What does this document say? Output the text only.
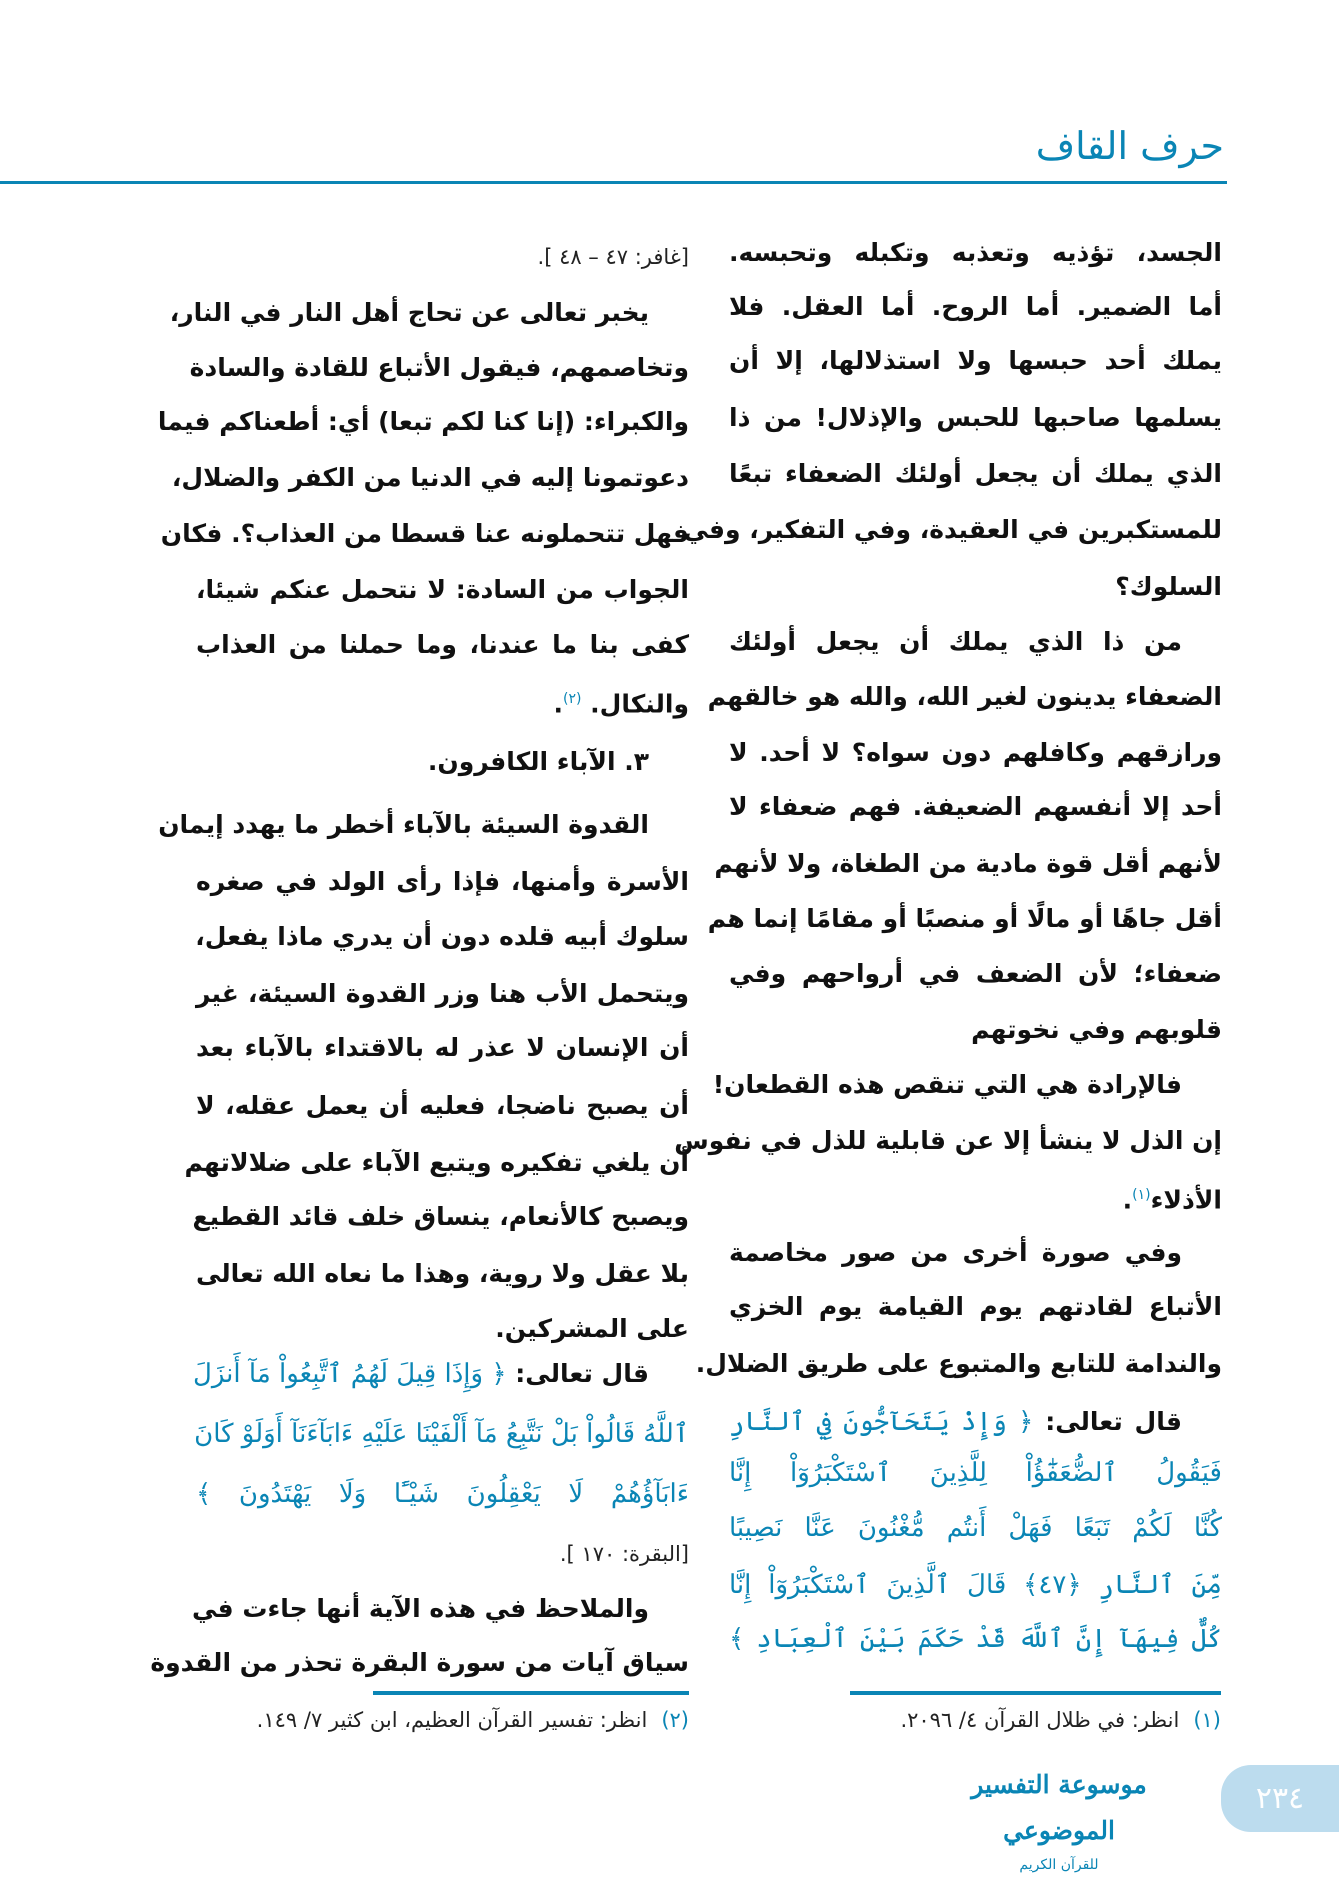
حرف القاف
الجسد، تؤذيه وتعذبه وتكبله وتحبسه.
أما الضمير. أما الروح. أما العقل. فلا
يملك أحد حبسها ولا استذلالها، إلا أن
يسلمها صاحبها للحبس والإذلال! من ذا
الذي يملك أن يجعل أولئك الضعفاء تبعًا
للمستكبرين في العقيدة، وفي التفكير، وفي
السلوك؟
من ذا الذي يملك أن يجعل أولئك
الضعفاء يدينون لغير الله، والله هو خالقهم
ورازقهم وكافلهم دون سواه؟ لا أحد. لا
أحد إلا أنفسهم الضعيفة. فهم ضعفاء لا
لأنهم أقل قوة مادية من الطغاة، ولا لأنهم
أقل جاهًا أو مالًا أو منصبًا أو مقامًا إنما هم
ضعفاء؛ لأن الضعف في أرواحهم وفي
قلوبهم وفي نخوتهم
فالإرادة هي التي تنقص هذه القطعان!
إن الذل لا ينشأ إلا عن قابلية للذل في نفوس
الأذلاء$^{(١)}$.
وفي صورة أخرى من صور مخاصمة
الأتباع لقادتهم يوم القيامة يوم الخزي
والندامة للتابع والمتبوع على طريق الضلال.
قال تعالى: ﴿ وَإِذْ يَتَحَآجُّونَ فِي ٱلنَّارِ
فَيَقُولُ ٱلضُّعَفَٰٓؤُاْ لِلَّذِينَ ٱسْتَكْبَرُوٓاْ إِنَّا
كُنَّا لَكُمْ تَبَعًا فَهَلْ أَنتُم مُّغْنُونَ عَنَّا نَصِيبًا
مِّنَ ٱلنَّارِ ﴿٤٧﴾ قَالَ ٱلَّذِينَ ٱسْتَكْبَرُوٓاْ إِنَّا
كُلٌّ فِيهَآ إِنَّ ٱللَّهَ قَدْ حَكَمَ بَيْنَ ٱلْعِبَادِ ﴾
[غافر: ٤٧ – ٤٨ ].
يخبر تعالى عن تحاج أهل النار في النار،
وتخاصمهم، فيقول الأتباع للقادة والسادة
والكبراء: (إنا كنا لكم تبعا) أي: أطعناكم فيما
دعوتمونا إليه في الدنيا من الكفر والضلال،
فهل تتحملونه عنا قسطا من العذاب؟. فكان
الجواب من السادة: لا نتحمل عنكم شيئا،
كفى بنا ما عندنا، وما حملنا من العذاب
والنكال. $^{(٢)}$.
٣. الآباء الكافرون.
القدوة السيئة بالآباء أخطر ما يهدد إيمان
الأسرة وأمنها، فإذا رأى الولد في صغره
سلوك أبيه قلده دون أن يدري ماذا يفعل،
ويتحمل الأب هنا وزر القدوة السيئة، غير
أن الإنسان لا عذر له بالاقتداء بالآباء بعد
أن يصبح ناضجا، فعليه أن يعمل عقله، لا
أن يلغي تفكيره ويتبع الآباء على ضلالاتهم
ويصبح كالأنعام، ينساق خلف قائد القطيع
بلا عقل ولا روية، وهذا ما نعاه الله تعالى
على المشركين.
قال تعالى: ﴿ وَإِذَا قِيلَ لَهُمُ ٱتَّبِعُواْ مَآ أَنزَلَ
ٱللَّهُ قَالُواْ بَلْ نَتَّبِعُ مَآ أَلْفَيْنَا عَلَيْهِ ءَابَآءَنَآ أَوَلَوْ كَانَ
ءَابَآؤُهُمْ لَا يَعْقِلُونَ شَيْـًٔا وَلَا يَهْتَدُونَ ﴾
[البقرة: ١٧٠ ].
والملاحظ في هذه الآية أنها جاءت في
سياق آيات من سورة البقرة تحذر من القدوة
(١)انظر: في ظلال القرآن ٤/ ٢٠٩٦.
(٢)انظر: تفسير القرآن العظيم، ابن كثير ٧/ ١٤٩.
موسوعة التفسير الموضوعي
للقرآن الكريم
٢٣٤
